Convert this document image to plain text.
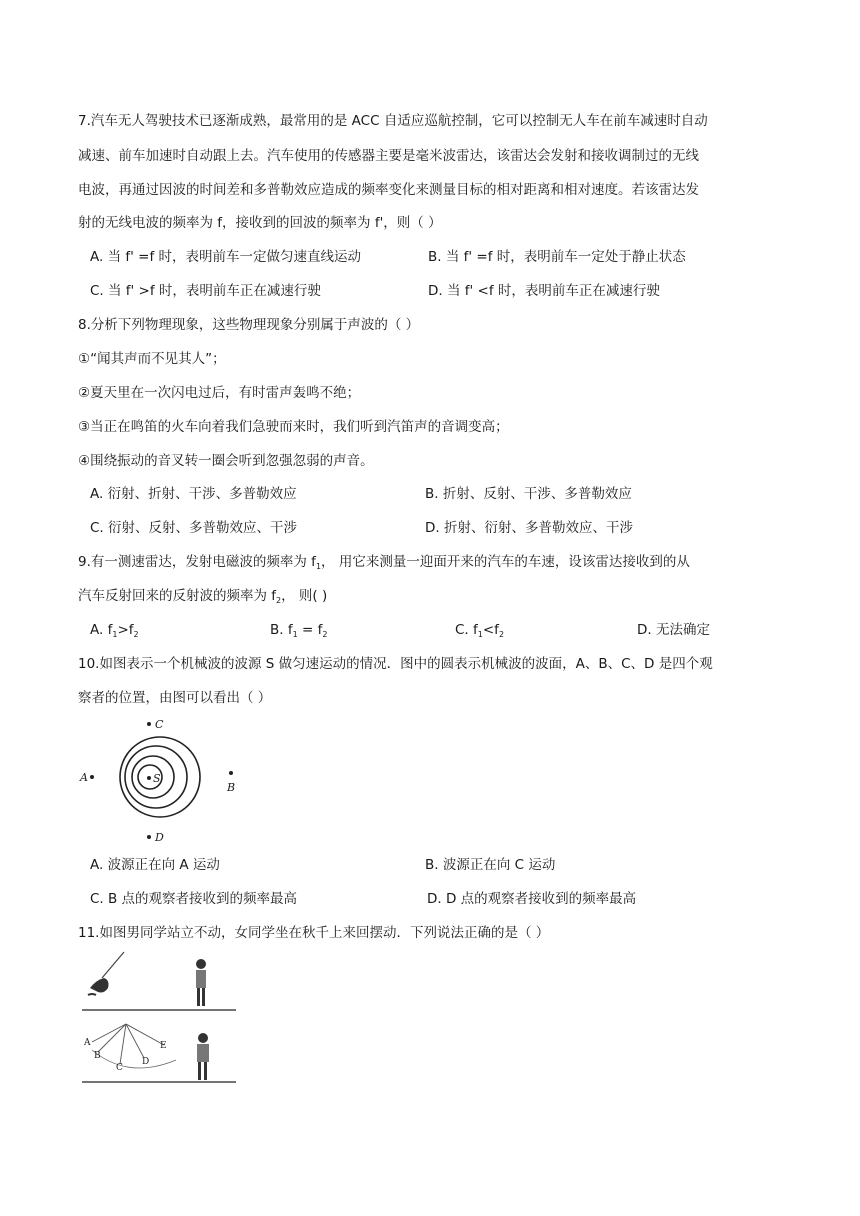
7.汽车无人驾驶技术已逐渐成熟，最常用的是 ACC 自适应巡航控制，它可以控制无人车在前车减速时自动
减速、前车加速时自动跟上去。汽车使用的传感器主要是毫米波雷达，该雷达会发射和接收调制过的无线
电波，再通过因波的时间差和多普勒效应造成的频率变化来测量目标的相对距离和相对速度。若该雷达发
射的无线电波的频率为 f，接收到的回波的频率为 f'，则（ ）
A. 当 f' =f 时，表明前车一定做匀速直线运动	B. 当 f' =f 时，表明前车一定处于静止状态
C. 当 f' >f 时，表明前车正在减速行驶	D. 当 f' <f 时，表明前车正在减速行驶
8.分析下列物理现象，这些物理现象分别属于声波的（ ）
①“闻其声而不见其人”；
②夏天里在一次闪电过后，有时雷声轰鸣不绝；
③当正在鸣笛的火车向着我们急驶而来时，我们听到汽笛声的音调变高；
④围绕振动的音叉转一圈会听到忽强忽弱的声音。
A. 衍射、折射、干涉、多普勒效应	B. 折射、反射、干涉、多普勒效应
C. 衍射、反射、多普勒效应、干涉	D. 折射、衍射、多普勒效应、干涉
9.有一测速雷达，发射电磁波的频率为 $f_1$， 用它来测量一迎面开来的汽车的车速，设该雷达接收到的从
汽车反射回来的反射波的频率为 $f_2$， 则( )
A. $f_1>f_2$	B. $f_1 = f_2$	C. $f_1<f_2$	D. 无法确定
10.如图表示一个机械波的波源 S 做匀速运动的情况．图中的圆表示机械波的波面，A、B、C、D 是四个观
察者的位置，由图可以看出（ ）
S
C
A
B
D
A. 波源正在向 A 运动	B. 波源正在向 C 运动
C. B 点的观察者接收到的频率最高	D. D 点的观察者接收到的频率最高
11.如图男同学站立不动，女同学坐在秋千上来回摆动．下列说法正确的是（ ）
A
B
C
D
E
